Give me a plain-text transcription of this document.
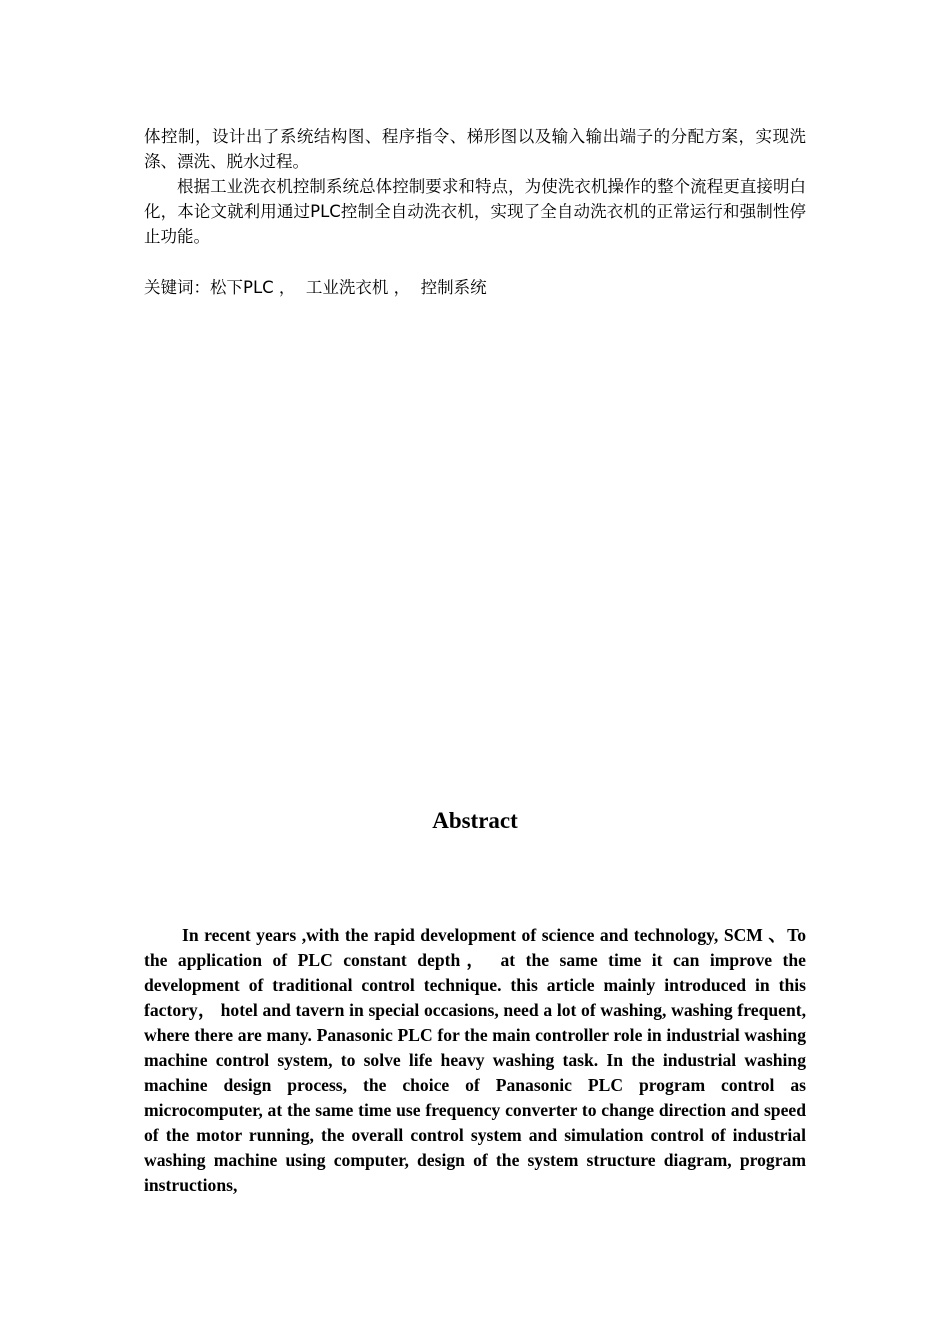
体控制，设计出了系统结构图、程序指令、梯形图以及输入输出端子的分配方案，实现洗涤、漂洗、脱水过程。

根据工业洗衣机控制系统总体控制要求和特点，为使洗衣机操作的整个流程更直接明白化，本论文就利用通过PLC控制全自动洗衣机，实现了全自动洗衣机的正常运行和强制性停止功能。

关键词：松下PLC ，  工业洗衣机 ，  控制系统
Abstract

In recent years ,with the rapid development of science and technology, SCM 、To the application of PLC constant depth， at the same time it can improve the development of traditional control technique. this article mainly introduced in this factory， hotel and tavern in special occasions, need a lot of washing, washing frequent, where there are many. Panasonic PLC for the main controller role in industrial washing machine control system, to solve life heavy washing task. In the industrial washing machine design process, the choice of Panasonic PLC program control as microcomputer, at the same time use frequency converter to change direction and speed of the motor running, the overall control system and simulation control of industrial washing machine using computer, design of the system structure diagram, program instructions,
